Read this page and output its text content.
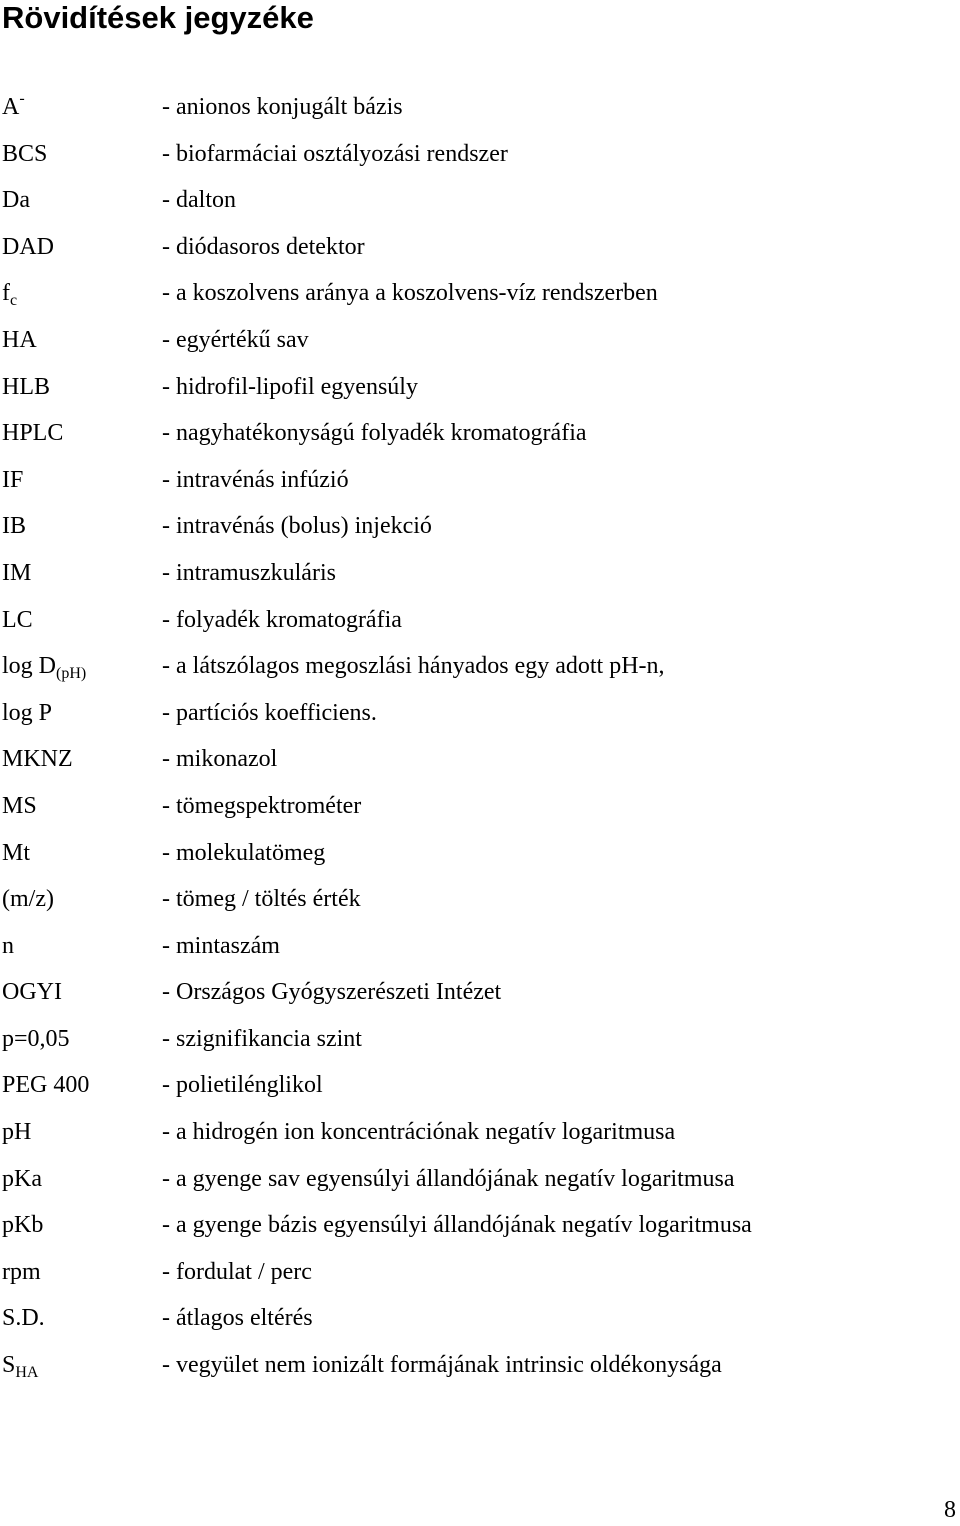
Rövidítések jegyzéke
A-	- anionos konjugált bázis
BCS	- biofarmáciai osztályozási rendszer
Da	- dalton
DAD	- diódasoros detektor
$f_c$	- a koszolvens aránya a koszolvens-víz rendszerben
HA	- egyértékű sav
HLB	- hidrofil-lipofil egyensúly
HPLC	- nagyhatékonyságú folyadék kromatográfia
IF	- intravénás infúzió
IB	- intravénás (bolus) injekció
IM	- intramuszkuláris
LC	- folyadék kromatográfia
$\log D_{(pH)}$	- a látszólagos megoszlási hányados egy adott pH-n,
log P	- partíciós koefficiens.
MKNZ	- mikonazol
MS	- tömegspektrométer
Mt	- molekulatömeg
(m/z)	- tömeg / töltés érték
n	- mintaszám
OGYI	- Országos Gyógyszerészeti Intézet
p=0,05	- szignifikancia szint
PEG 400	- polietilénglikol
pH	- a hidrogén ion koncentrációnak negatív logaritmusa
pKa	- a gyenge sav egyensúlyi állandójának negatív logaritmusa
pKb	- a gyenge bázis egyensúlyi állandójának negatív logaritmusa
rpm	- fordulat / perc
S.D.	- átlagos eltérés
$S_{HA}$	- vegyület nem ionizált formájának intrinsic oldékonysága
8
